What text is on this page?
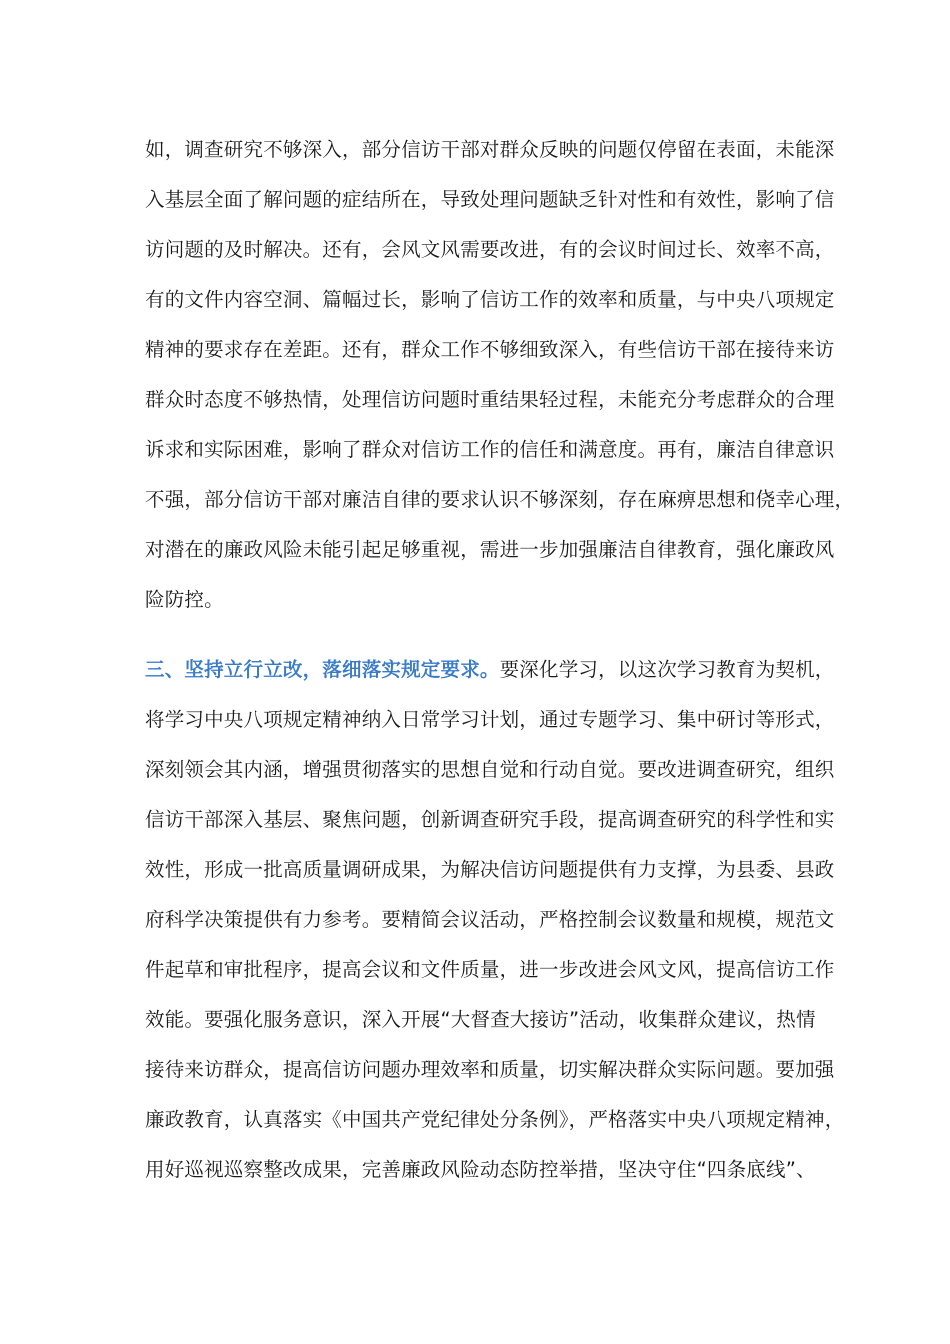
如，调查研究不够深入，部分信访干部对群众反映的问题仅停留在表面，未能深
入基层全面了解问题的症结所在，导致处理问题缺乏针对性和有效性，影响了信
访问题的及时解决。还有，会风文风需要改进，有的会议时间过长、效率不高，
有的文件内容空洞、篇幅过长，影响了信访工作的效率和质量，与中央八项规定
精神的要求存在差距。还有，群众工作不够细致深入，有些信访干部在接待来访
群众时态度不够热情，处理信访问题时重结果轻过程，未能充分考虑群众的合理
诉求和实际困难，影响了群众对信访工作的信任和满意度。再有，廉洁自律意识
不强，部分信访干部对廉洁自律的要求认识不够深刻，存在麻痹思想和侥幸心理，
对潜在的廉政风险未能引起足够重视，需进一步加强廉洁自律教育，强化廉政风
险防控。
三、坚持立行立改，落细落实规定要求。要深化学习，以这次学习教育为契机，
将学习中央八项规定精神纳入日常学习计划，通过专题学习、集中研讨等形式，
深刻领会其内涵，增强贯彻落实的思想自觉和行动自觉。要改进调查研究，组织
信访干部深入基层、聚焦问题，创新调查研究手段，提高调查研究的科学性和实
效性，形成一批高质量调研成果，为解决信访问题提供有力支撑，为县委、县政
府科学决策提供有力参考。要精简会议活动，严格控制会议数量和规模，规范文
件起草和审批程序，提高会议和文件质量，进一步改进会风文风，提高信访工作
效能。要强化服务意识，深入开展“大督查大接访”活动，收集群众建议，热情
接待来访群众，提高信访问题办理效率和质量，切实解决群众实际问题。要加强
廉政教育，认真落实《中国共产党纪律处分条例》，严格落实中央八项规定精神，
用好巡视巡察整改成果，完善廉政风险动态防控举措，坚决守住“四条底线”、
